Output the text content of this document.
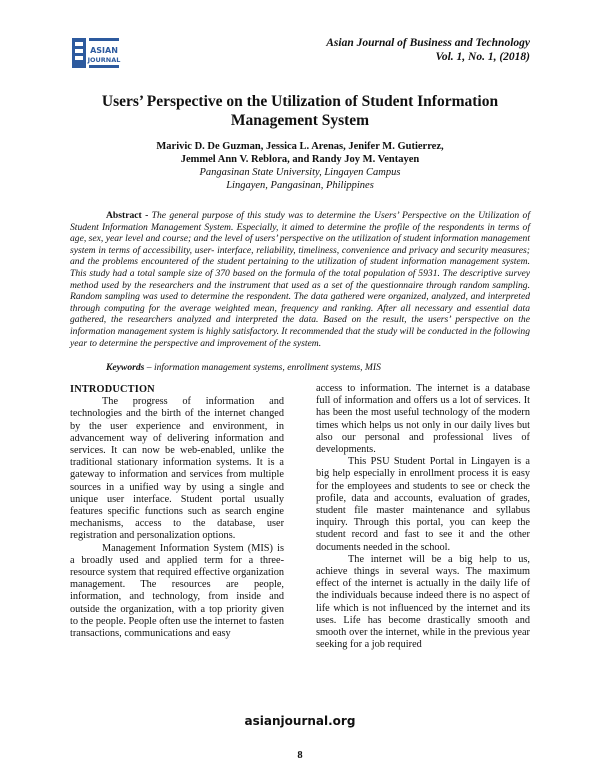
ASIAN
JOURNAL
Asian Journal of Business and Technology
Vol. 1, No. 1, (2018)
Users’ Perspective on the Utilization of Student Information Management System
Marivic D. De Guzman, Jessica L. Arenas, Jenifer M. Gutierrez,
Jemmel Ann V. Reblora, and Randy Joy M. Ventayen
Pangasinan State University, Lingayen Campus
Lingayen, Pangasinan, Philippines

Abstract - The general purpose of this study was to determine the Users’ Perspective on the Utilization of Student Information Management System. Especially, it aimed to determine the profile of the respondents in terms of age, sex, year level and course; and the level of users’ perspective on the utilization of student information management system in terms of accessibility, user- interface, reliability, timeliness, convenience and privacy and security measures; and the problems encountered of the student pertaining to the utilization of student information management system. This study had a total sample size of 370 based on the formula of the total population of 5931. The descriptive survey method used by the researchers and the instrument that used as a set of the questionnaire through random sampling. Random sampling was used to determine the respondent. The data gathered were organized, analyzed, and interpreted through computing for the average weighted mean, frequency and ranking. After all necessary and essential data gathered, the researchers analyzed and interpreted the data. Based on the result, the users’ perspective on the information management system is highly satisfactory. It recommended that the study will be conducted in the following year to determine the perspective and improvement of the system.

Keywords – information management systems, enrollment systems, MIS
INTRODUCTION

The progress of information and technologies and the birth of the internet changed by the user experience and environment, in advancement way of delivering information and services. It can now be web-enabled, unlike the traditional stationary information systems. It is a gateway to information and services from multiple sources in a unified way by using a single and unique user interface. Student portal usually features specific functions such as search engine mechanisms, access to the database, user registration and personalization options.

Management Information System (MIS) is a broadly used and applied term for a three-resource system that required effective organization management. The resources are people, information, and technology, from inside and outside the organization, with a top priority given to the people. People often use the internet to fasten transactions, communications and easy

access to information. The internet is a database full of information and offers us a lot of services. It has been the most useful technology of the modern times which helps us not only in our daily lives but also our personal and professional lives of developments.

This PSU Student Portal in Lingayen is a big help especially in enrollment process it is easy for the employees and students to see or check the profile, data and accounts, evaluation of grades, student file master maintenance and syllabus inquiry. Through this portal, you can keep the student record and fast to see it and the other documents needed in the school.

The internet will be a big help to us, achieve things in several ways. The maximum effect of the internet is actually in the daily life of the individuals because indeed there is no aspect of life which is not influenced by the internet and its uses. Life has become drastically smooth and smooth over the internet, while in the previous year seeking for a job required

asianjournal.org
8
